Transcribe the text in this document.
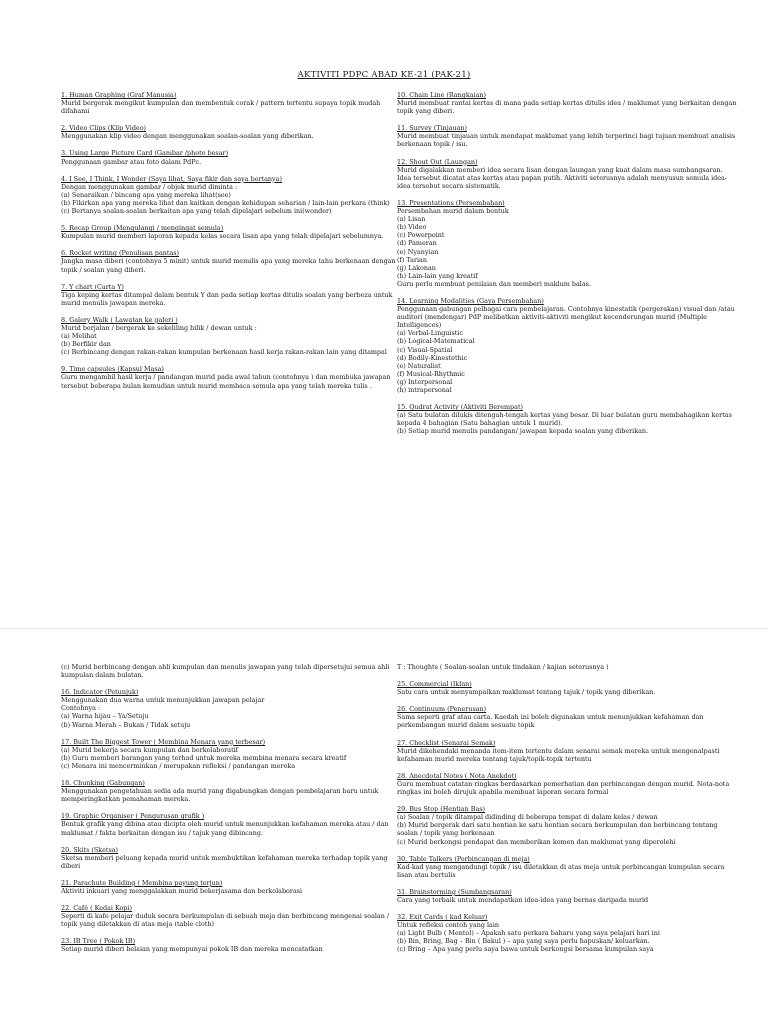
AKTIVITI PDPC ABAD KE-21 (PAK-21)
1. Human Graphing (Graf Manusia)
Murid bergerak mengikut kumpulan dan membentuk corak / pattern tertentu supaya topik mudah difahami
2. Video Clips (Klip Video)
Menggunakan klip video dengan menggunakan soalan-soalan yang diberikan.
3. Using Large Picture Card (Gambar /photo besar)
Penggunaan gambar atau foto dalam PdPc.
4. I See, I Think, I Wonder (Saya lihat, Saya fikir dan saya bertanya)
Dengan menggunakan gambar / objek murid diminta :
(a) Senaraikan / bincang apa yang mereka lihat(see)
(b) Fikirkan apa yang mereka lihat dan kaitkan dengan kehidupan seharian / lain-lain perkara (think)
(c) Bertanya soalan-soalan berkaitan apa yang telah dipelajari sebelum ini(wonder)
5. Recap Group (Mengulangi / mengingat semula)
Kumpulan murid memberi laporan kepada kelas secara lisan apa yang telah dipelajari sebelumnya.
6. Rocket writing (Penulisan pantas)
Jangka masa diberi (contohnya 5 minit) untuk murid menulis apa yang mereka tahu berkenaan dengan topik / soalan yang diberi.
7. Y chart (Carta Y)
Tiga keping kertas ditampal dalam bentuk Y dan pada setiap kertas ditulis soalan yang berbeza untuk murid menulis jawapan mereka.
8. Galery Walk ( Lawatan ke galeri )
Murid berjalan / bergerak ke sekeliling bilik / dewan untuk :
(a) Melihat
(b) Berfikir dan
(c) Berbincang dengan rakan-rakan kumpulan berkenaan hasil kerja rakan-rakan lain yang ditampal
9. Time capsules (Kapsul Masa)
Guru mengambil hasil kerja / pandangan murid pada awal tahun (contohnya ) dan membuka jawapan tersebut beberapa bulan kemudian untuk murid membaca semula apa yang telah mereka tulis .
10. Chain Line (Rangkaian)
Murid membuat rantai kertas di mana pada setiap kertas ditulis idea / maklumat yang berkaitan dengan topik yang diberi.
11. Survey (Tinjauan)
Murid membuat tinjauan untuk mendapat maklumat yang lebih terperinci bagi tujuan membuat analisis berkenaan topik / isu.
12. Shout Out (Laungan)
Murid digalakkan memberi idea secara lisan dengan laungan yang kuat dalam masa sumbangsaran. Idea tersebut dicatat atas kertas atau papan putih. Aktiviti seterusnya adalah menyusun semula idea-idea tersebut secara sistematik.
13. Presentations (Persembahan)
Persembahan murid dalam bentuk
(a) Lisan
(b) Video
(c) Powerpoint
(d) Pameran
(e) Nyanyian
(f) Tarian
(g) Lakonan
(h) Lain-lain yang kreatif
Guru perlu membuat penilaian dan memberi maklum balas.
14. Learning Modalities (Gaya Persembahan)
Penggunaan gabungan pelbagai cara pembelajaran. Contohnya kinestatik (pergerakan) visual dan /atau auditori (mendengar) PdP melibatkan aktiviti-aktiviti mengikut kecenderungan murid (Multiple Intelligences)
(a) Verbal-Linguistic
(b) Logical-Matematical
(c) Visual-Spatial
(d) Bodily-Kinestethic
(e) Naturalist
(f) Musical-Rhythmic
(g) Interpersonal
(h) intrapersonal
15. Qudrat Activity (Aktiviti Berempat)
(a) Satu bulatan dilukis ditengah-tengah kertas yang besar. Di luar bulatan guru membahagikan kertas kepada 4 bahagian (Satu bahagian untuk 1 murid).
(b) Setiap murid menulis pandangan/ jawapan kepada soalan yang diberikan.
(c) Murid berbincang dengan ahli kumpulan dan menulis jawapan yang telah dipersetujui semua ahli kumpulan dalam bulatan.
16. Indicator (Petunjuk)
Menggunakan dua warna untuk menunjukkan jawapan pelajar
Contohnya :
(a) Warna hijau – Ya/Setuju
(b) Warna Merah – Bukan / Tidak setuju
17. Built The Biggest Tower ( Membina Menara yang terbesar)
(a) Murid bekerja secara kumpulan dan berkolaboratif
(b) Guru memberi barangan yang terhad untuk mereka membina menara secara kreatif
(c) Menara ini mencerminkan / merupakan refleksi / pandangan mereka
18. Chunking (Gabungan)
Menggunakan pengetahuan sedia ada murid yang digabungkan dengan pembelajaran baru untuk memperingkatkan pemahaman mereka.
19. Graphic Organiser ( Pengurusan grafik )
Bentuk grafik yang dibina atau dicipta oleh murid untuk menunjukkan kefahaman mereka atau / dan maklumat / fakta berkaitan dengan isu / tajuk yang dibincang.
20. Skits (Sketsa)
Sketsa memberi peluang kepada murid untuk membuktikan kefahaman mereka terhadap topik yang diberi
21. Parachute Building ( Membina payung terjun)
Aktiviti inkuari yang menggalakkan murid bekerjasama dan berkolaborasi
22. Café ( Kedai Kopi)
Seperti di kafe pelajar duduk secara berkumpulan di sebuah meja dan berbincang mengenai soalan / topik yang diletakkan di atas meja (table cloth)
23. IB Tree ( Pokok IB)
Setiap murid diberi helaian yang mempunyai pokok IB dan mereka mencatatkan
T : Thoughts ( Soalan-soalan untuk tindakan / kajian seterusnya )
25. Commercial (Iklan)
Satu cara untuk menyampaikan maklumat tentang tajuk / topik yang diberikan.
26. Continuum (Penerusan)
Sama seperti graf atau carta. Kaedah ini boleh digunakan untuk menunjukkan kefahaman dan perkembangan murid dalam sesuatu topik
27. Checklist (Senarai Semak)
Murid dikehendaki menanda item-item tertentu dalam senarai semak mereka untuk mengenalpasti kefahaman murid mereka tentang tajuk/topik-topik tertentu
28. Anecdotal Notes ( Nota Anekdot)
Guru membuat catatan ringkas berdasarkan pemerhatian dan perbincangan dengan murid. Nota-nota ringkas ini boleh dirujuk apabila membuat laporan secara formal
29. Bus Stop (Hentian Bas)
(a) Soalan / topik ditampal didinding di beberapa tempat di dalam kelas / dewan
(b) Murid bergerak dari satu hentian ke satu hentian secara berkumpulan dan berbincang tentang soalan / topik yang berkenaan
(c) Murid berkongsi pendapat dan memberikan komen dan maklumat yang diperolehi
30. Table Talkers (Perbincangan di meja)
Kad-kad yang mengandungi topik / isu diletakkan di atas meja untuk perbincangan kumpulan secara lisan atau bertulis
31. Brainstorming (Sumbangsaran)
Cara yang terbaik untuk mendapatkan idea-idea yang bernas daripada murid
32. Exit Cards ( kad Keluar)
Untuk refleksi contoh yang lain
(a) Light Bulb ( Mentol) – Apakah satu perkara baharu yang saya pelajari hari ini
(b) Bin, Bring, Bag – Bin ( Bakul ) – apa yang saya perlu hapuskan/ keluarkan.
(c) Bring – Apa yang perlu saya bawa untuk berkongsi bersama kumpulan saya
